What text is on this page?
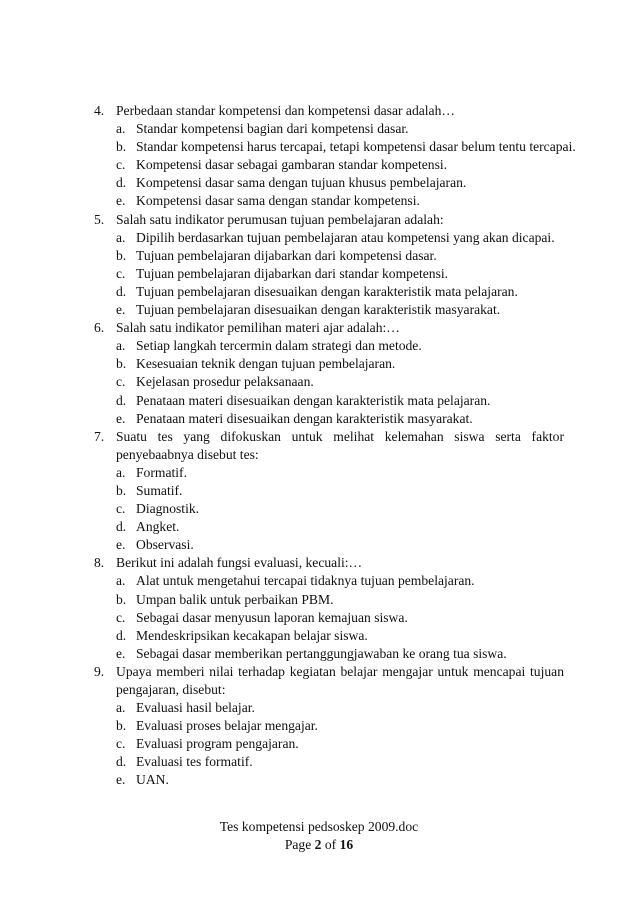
4. Perbedaan standar kompetensi dan kompetensi dasar adalah…
a. Standar kompetensi bagian dari kompetensi dasar.
b. Standar kompetensi harus tercapai, tetapi kompetensi dasar belum tentu tercapai.
c. Kompetensi dasar sebagai gambaran standar kompetensi.
d. Kompetensi dasar sama dengan tujuan khusus pembelajaran.
e. Kompetensi dasar sama dengan standar kompetensi.
5. Salah satu indikator perumusan tujuan pembelajaran adalah:
a. Dipilih berdasarkan tujuan pembelajaran atau kompetensi yang akan dicapai.
b. Tujuan pembelajaran dijabarkan dari kompetensi dasar.
c. Tujuan pembelajaran dijabarkan dari standar kompetensi.
d. Tujuan pembelajaran disesuaikan dengan karakteristik mata pelajaran.
e. Tujuan pembelajaran disesuaikan dengan karakteristik masyarakat.
6. Salah satu indikator pemilihan materi ajar adalah:…
a. Setiap langkah tercermin dalam strategi dan metode.
b. Kesesuaian teknik dengan tujuan pembelajaran.
c. Kejelasan prosedur pelaksanaan.
d. Penataan materi disesuaikan dengan karakteristik mata pelajaran.
e. Penataan materi disesuaikan dengan karakteristik masyarakat.
7. Suatu tes yang difokuskan untuk melihat kelemahan siswa serta faktor penyebaabnya disebut tes:
a. Formatif.
b. Sumatif.
c. Diagnostik.
d. Angket.
e. Observasi.
8. Berikut ini adalah fungsi evaluasi, kecuali:…
a. Alat untuk mengetahui tercapai tidaknya tujuan pembelajaran.
b. Umpan balik untuk perbaikan PBM.
c. Sebagai dasar menyusun laporan kemajuan siswa.
d. Mendeskripsikan kecakapan belajar siswa.
e. Sebagai dasar memberikan pertanggungjawaban ke orang tua siswa.
9. Upaya memberi nilai terhadap kegiatan belajar mengajar untuk mencapai tujuan pengajaran, disebut:
a. Evaluasi hasil belajar.
b. Evaluasi proses belajar mengajar.
c. Evaluasi program pengajaran.
d. Evaluasi tes formatif.
e. UAN.
Tes kompetensi pedsoskep 2009.doc
Page 2 of 16
